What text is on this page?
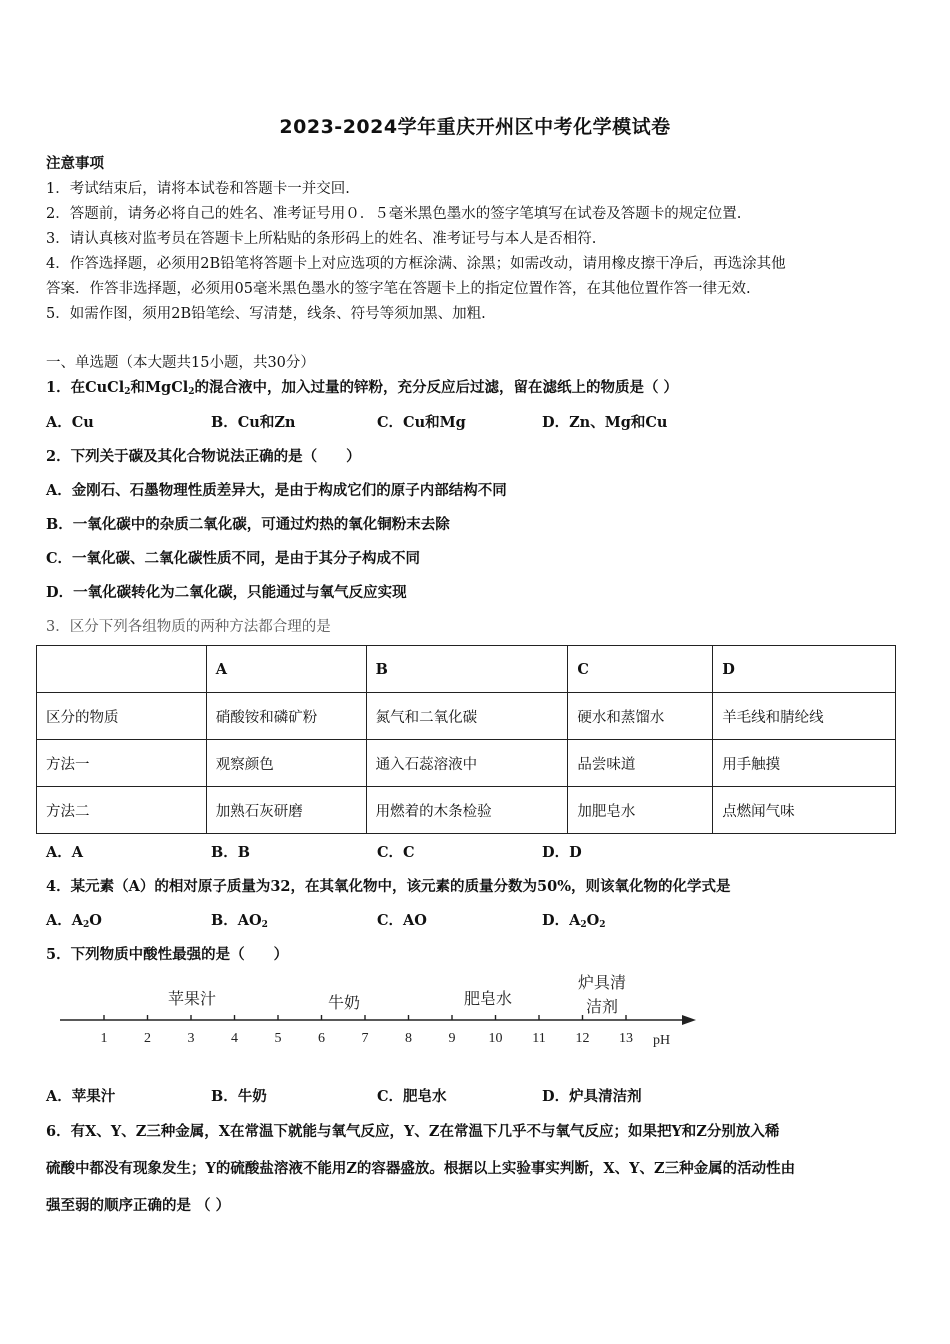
2023-2024学年重庆开州区中考化学模试卷
注意事项
1．考试结束后，请将本试卷和答题卡一并交回.
2．答题前，请务必将自己的姓名、准考证号用０．５毫米黑色墨水的签字笔填写在试卷及答题卡的规定位置.
3．请认真核对监考员在答题卡上所粘贴的条形码上的姓名、准考证号与本人是否相符.
4．作答选择题，必须用2B铅笔将答题卡上对应选项的方框涂满、涂黑；如需改动，请用橡皮擦干净后，再选涂其他
答案．作答非选择题，必须用05毫米黑色墨水的签字笔在答题卡上的指定位置作答，在其他位置作答一律无效.
5．如需作图，须用2B铅笔绘、写清楚，线条、符号等须加黑、加粗.
一、单选题（本大题共15小题，共30分）
1．在CuCl$_2$和MgCl$_2$的混合液中，加入过量的锌粉，充分反应后过滤，留在滤纸上的物质是（ ）
A．Cu	B．Cu和Zn	C．Cu和Mg	D．Zn、Mg和Cu
2．下列关于碳及其化合物说法正确的是（　　）
A．金刚石、石墨物理性质差异大，是由于构成它们的原子内部结构不同
B．一氧化碳中的杂质二氧化碳，可通过灼热的氧化铜粉末去除
C．一氧化碳、二氧化碳性质不同，是由于其分子构成不同
D．一氧化碳转化为二氧化碳，只能通过与氧气反应实现
3．区分下列各组物质的两种方法都合理的是
	A	B	C	D
区分的物质	硝酸铵和磷矿粉	氮气和二氧化碳	硬水和蒸馏水	羊毛线和腈纶线
方法一	观察颜色	通入石蕊溶液中	品尝味道	用手触摸
方法二	加熟石灰研磨	用燃着的木条检验	加肥皂水	点燃闻气味
A．A	B．B	C．C	D．D
4．某元素（A）的相对原子质量为32，在其氧化物中，该元素的质量分数为50%，则该氧化物的化学式是
A．$A_2O$	B．$AO_2$	C．AO	D．$A_2O_2$
5．下列物质中酸性最强的是（　　）
1	2	3	4	5	6	7	8	9 10 11 12 13 pH
苹果汁	牛奶	肥皂水
炉具清
洁剂
A．苹果汁	B．牛奶	C．肥皂水	D．炉具清洁剂
6．有X、Y、Z三种金属，X在常温下就能与氧气反应，Y、Z在常温下几乎不与氧气反应；如果把Y和Z分别放入稀
硫酸中都没有现象发生；Y的硫酸盐溶液不能用Z的容器盛放。根据以上实验事实判断，X、Y、Z三种金属的活动性由
强至弱的顺序正确的是 （ ）
